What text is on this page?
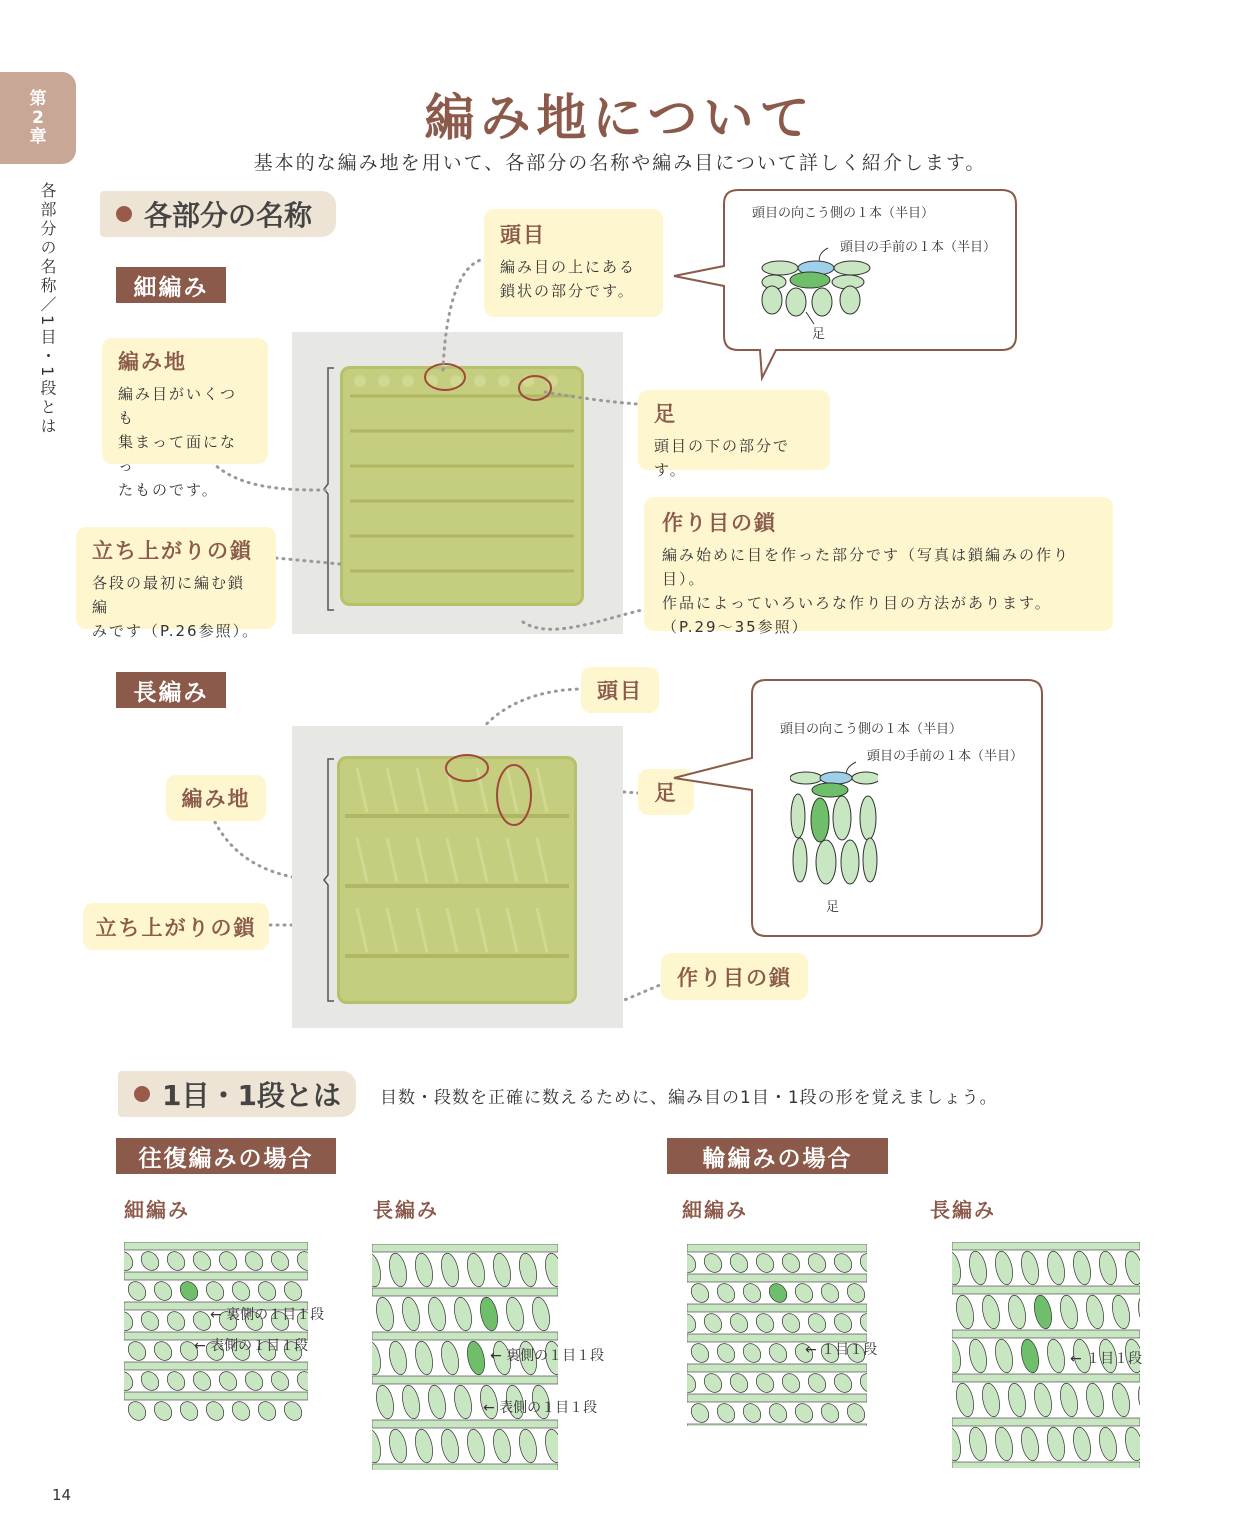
第
2
章
各部分の名称／1目・1段とは
編み地について
基本的な編み地を用いて、各部分の名称や編み目について詳しく紹介します。
各部分の名称
細編み
頭目
編み目の上にある
鎖状の部分です。
編み地
編み目がいくつも
集まって面になっ
たものです。
足
頭目の下の部分です。
立ち上がりの鎖
各段の最初に編む鎖編
みです（P.26参照）。
作り目の鎖
編み始めに目を作った部分です（写真は鎖編みの作り目）。
作品によっていろいろな作り目の方法があります。
（P.29〜35参照）
頭目の向こう側の１本（半目）
頭目の手前の１本（半目）
足
長編み	頭目
編み地	足
立ち上がりの鎖
作り目の鎖
頭目の向こう側の１本（半目）
頭目の手前の１本（半目）
足
1目・1段とは 目数・段数を正確に数えるために、編み目の1目・1段の形を覚えましょう。
往復編みの場合	輪編みの場合
細編み	長編み	細編み	長編み
← 裏側の１目１段
← 表側の１目１段
← 裏側の１目１段
← 表側の１目１段
← １目１段
← １目１段
14
